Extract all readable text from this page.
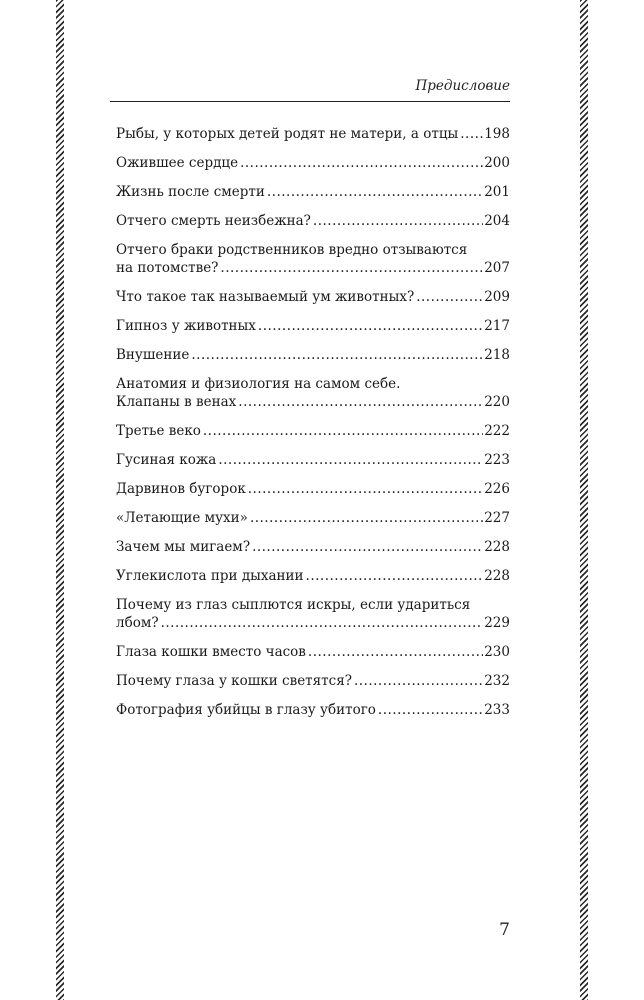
Предисловие
Рыбы, у которых детей родят не матери, а отцы ..... 198
Ожившее сердце .....	200
Жизнь после смерти .....	201
Отчего смерть неизбежна? .....	204
Отчего браки родственников вредно отзываются
на потомстве? .....	207
Что такое так называемый ум животных? .....	209
Гипноз у животных .....	217
Внушение .....	218
Анатомия и физиология на самом себе.
Клапаны в венах .....	220
Третье веко .....	222
Гусиная кожа .....	223
Дарвинов бугорок .....	226
«Летающие мухи» .....	227
Зачем мы мигаем? .....	228
Углекислота при дыхании .....	228
Почему из глаз сыплются искры, если удариться
лбом? .....	229
Глаза кошки вместо часов .....	230
Почему глаза у кошки светятся? .....	232
Фотография убийцы в глазу убитого .....	233
7
